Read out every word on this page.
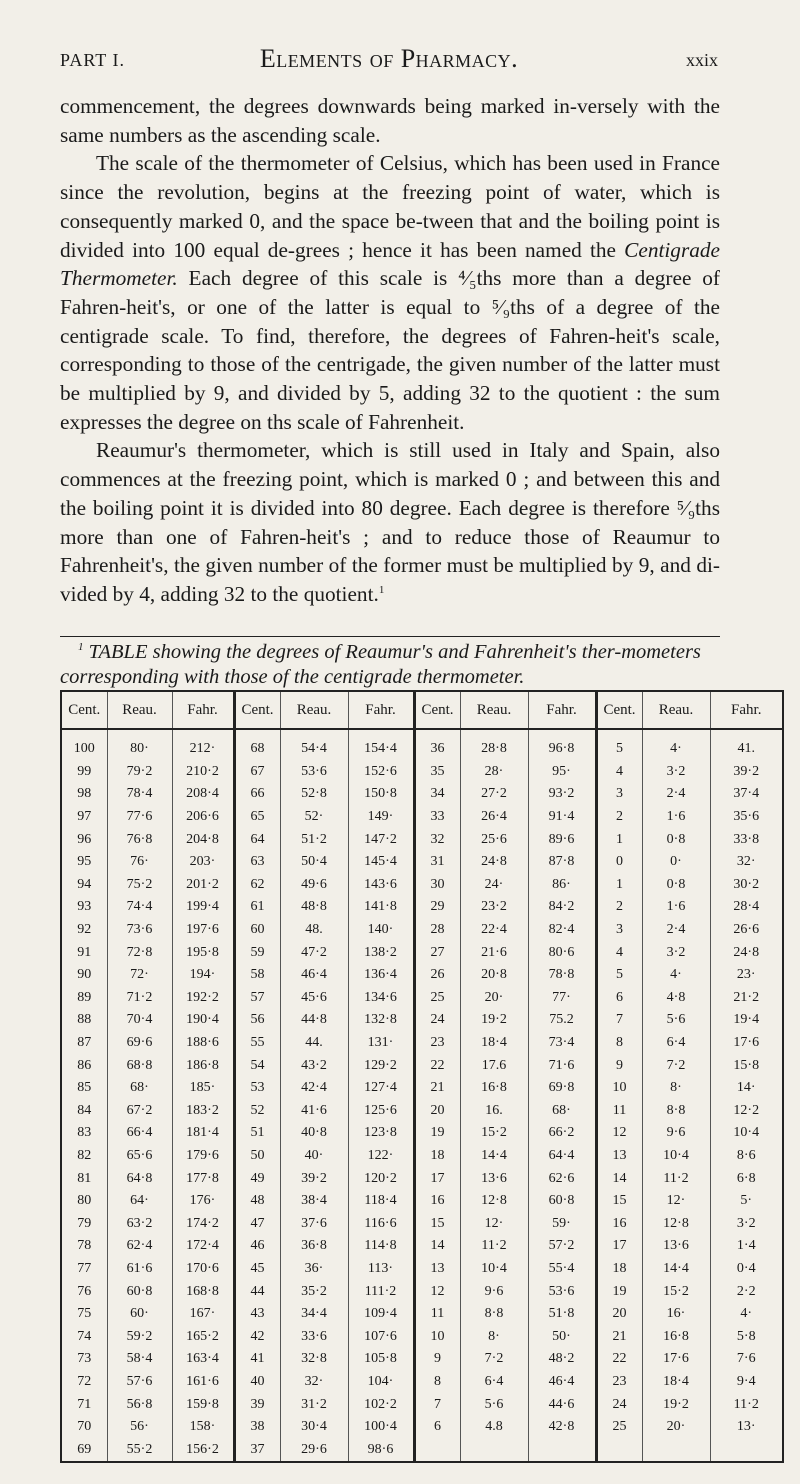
PART I.	Elements of Pharmacy.	xxix

commencement, the degrees downwards being marked in-versely with the same numbers as the ascending scale.

The scale of the thermometer of Celsius, which has been used in France since the revolution, begins at the freezing point of water, which is consequently marked 0, and the space be-tween that and the boiling point is divided into 100 equal de-grees ; hence it has been named the Centigrade Thermometer. Each degree of this scale is ⁴⁄₅ths more than a degree of Fahren-heit's, or one of the latter is equal to ⁵⁄₉ths of a degree of the centigrade scale. To find, therefore, the degrees of Fahren-heit's scale, corresponding to those of the centrigade, the given number of the latter must be multiplied by 9, and divided by 5, adding 32 to the quotient : the sum expresses the degree on ths scale of Fahrenheit.

Reaumur's thermometer, which is still used in Italy and Spain, also commences at the freezing point, which is marked 0 ; and between this and the boiling point it is divided into 80 degree. Each degree is therefore ⁵⁄₉ths more than one of Fahren-heit's ; and to reduce those of Reaumur to Fahrenheit's, the given number of the former must be multiplied by 9, and di-vided by 4, adding 32 to the quotient.$^1$

$^1$ TABLE showing the degrees of Reaumur's and Fahrenheit's ther-mometers corresponding with those of the centigrade thermometer.
Cent.	Reau.	Fahr.	Cent.	Reau.	Fahr.	Cent.	Reau.	Fahr.	Cent.	Reau.	Fahr.

100	80·	212·	68	54·4	154·4	36	28·8	96·8	5	4·	41.
99	79·2	210·2	67	53·6	152·6	35	28·	95·	4	3·2	39·2
98	78·4	208·4	66	52·8	150·8	34	27·2	93·2	3	2·4	37·4
97	77·6	206·6	65	52·	149·	33	26·4	91·4	2	1·6	35·6
96	76·8	204·8	64	51·2	147·2	32	25·6	89·6	1	0·8	33·8
95	76·	203·	63	50·4	145·4	31	24·8	87·8	0	0·	32·
94	75·2	201·2	62	49·6	143·6	30	24·	86·	1	0·8	30·2
93	74·4	199·4	61	48·8	141·8	29	23·2	84·2	2	1·6	28·4
92	73·6	197·6	60	48.	140·	28	22·4	82·4	3	2·4	26·6
91	72·8	195·8	59	47·2	138·2	27	21·6	80·6	4	3·2	24·8
90	72·	194·	58	46·4	136·4	26	20·8	78·8	5	4·	23·
89	71·2	192·2	57	45·6	134·6	25	20·	77·	6	4·8	21·2
88	70·4	190·4	56	44·8	132·8	24	19·2	75.2	7	5·6	19·4
87	69·6	188·6	55	44.	131·	23	18·4	73·4	8	6·4	17·6
86	68·8	186·8	54	43·2	129·2	22	17.6	71·6	9	7·2	15·8
85	68·	185·	53	42·4	127·4	21	16·8	69·8	10	8·	14·
84	67·2	183·2	52	41·6	125·6	20	16.	68·	11	8·8	12·2
83	66·4	181·4	51	40·8	123·8	19	15·2	66·2	12	9·6	10·4
82	65·6	179·6	50	40·	122·	18	14·4	64·4	13	10·4	8·6
81	64·8	177·8	49	39·2	120·2	17	13·6	62·6	14	11·2	6·8
80	64·	176·	48	38·4	118·4	16	12·8	60·8	15	12·	5·
79	63·2	174·2	47	37·6	116·6	15	12·	59·	16	12·8	3·2
78	62·4	172·4	46	36·8	114·8	14	11·2	57·2	17	13·6	1·4
77	61·6	170·6	45	36·	113·	13	10·4	55·4	18	14·4	0·4
76	60·8	168·8	44	35·2	111·2	12	9·6	53·6	19	15·2	2·2
75	60·	167·	43	34·4	109·4	11	8·8	51·8	20	16·	4·
74	59·2	165·2	42	33·6	107·6	10	8·	50·	21	16·8	5·8
73	58·4	163·4	41	32·8	105·8	9	7·2	48·2	22	17·6	7·6
72	57·6	161·6	40	32·	104·	8	6·4	46·4	23	18·4	9·4
71	56·8	159·8	39	31·2	102·2	7	5·6	44·6	24	19·2	11·2
70	56·	158·	38	30·4	100·4	6	4.8	42·8	25	20·	13·
69	55·2	156·2	37	29·6	98·6						
